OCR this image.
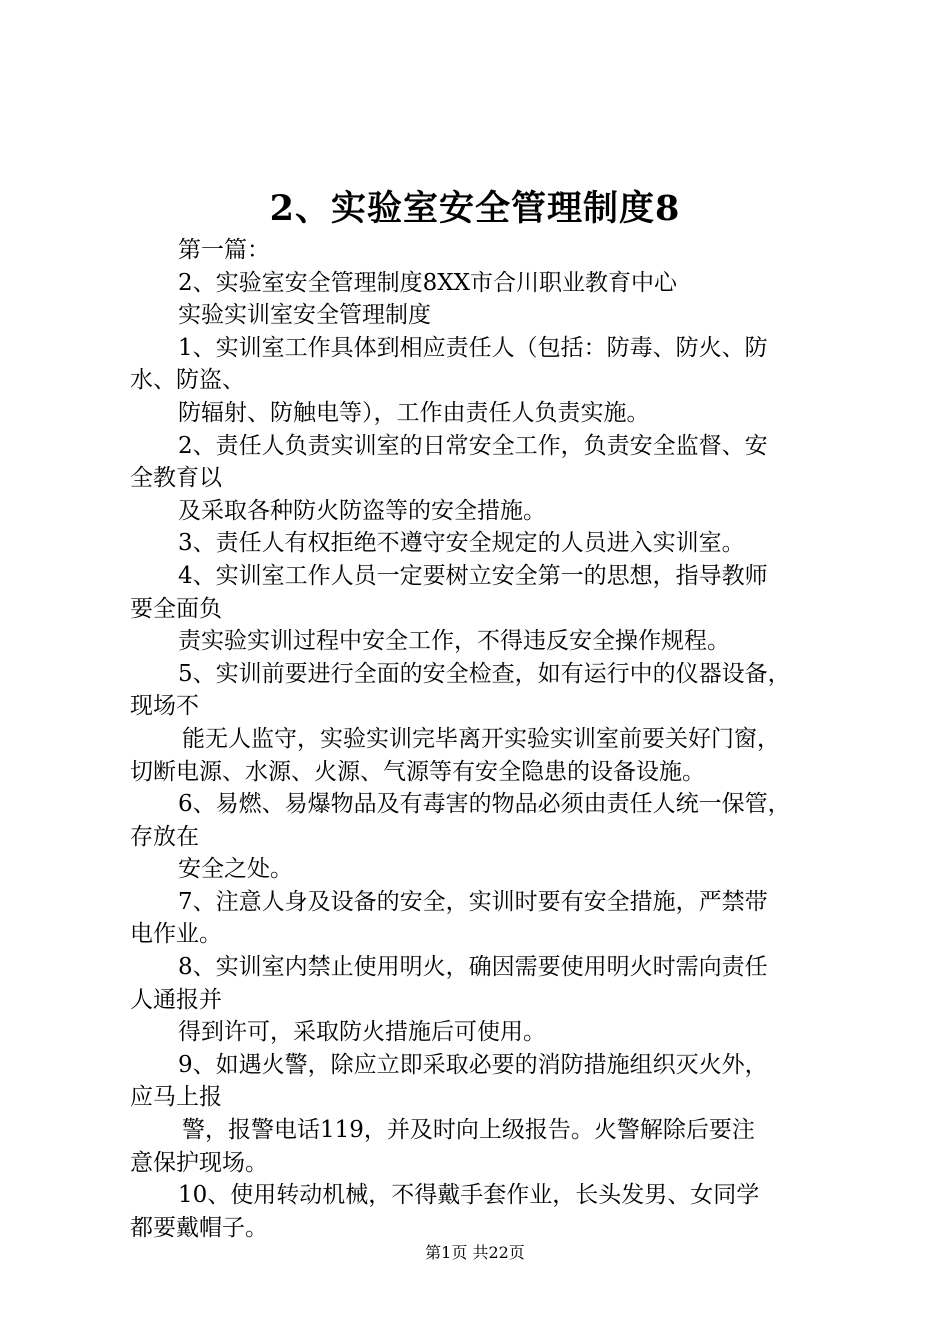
2、实验室安全管理制度8
第一篇：
2、实验室安全管理制度8XX市合川职业教育中心
实验实训室安全管理制度
1、实训室工作具体到相应责任人（包括：防毒、防火、防
水、防盗、
防辐射、防触电等），工作由责任人负责实施。
2、责任人负责实训室的日常安全工作，负责安全监督、安
全教育以
及采取各种防火防盗等的安全措施。
3、责任人有权拒绝不遵守安全规定的人员进入实训室。
4、实训室工作人员一定要树立安全第一的思想，指导教师
要全面负
责实验实训过程中安全工作，不得违反安全操作规程。
5、实训前要进行全面的安全检查，如有运行中的仪器设备，
现场不
能无人监守，实验实训完毕离开实验实训室前要关好门窗，
切断电源、水源、火源、气源等有安全隐患的设备设施。
6、易燃、易爆物品及有毒害的物品必须由责任人统一保管，
存放在
安全之处。
7、注意人身及设备的安全，实训时要有安全措施，严禁带
电作业。
8、实训室内禁止使用明火，确因需要使用明火时需向责任
人通报并
得到许可，采取防火措施后可使用。
9、如遇火警，除应立即采取必要的消防措施组织灭火外，
应马上报
警，报警电话119，并及时向上级报告。火警解除后要注
意保护现场。
10、使用转动机械，不得戴手套作业，长头发男、女同学
都要戴帽子。
第1页 共22页
